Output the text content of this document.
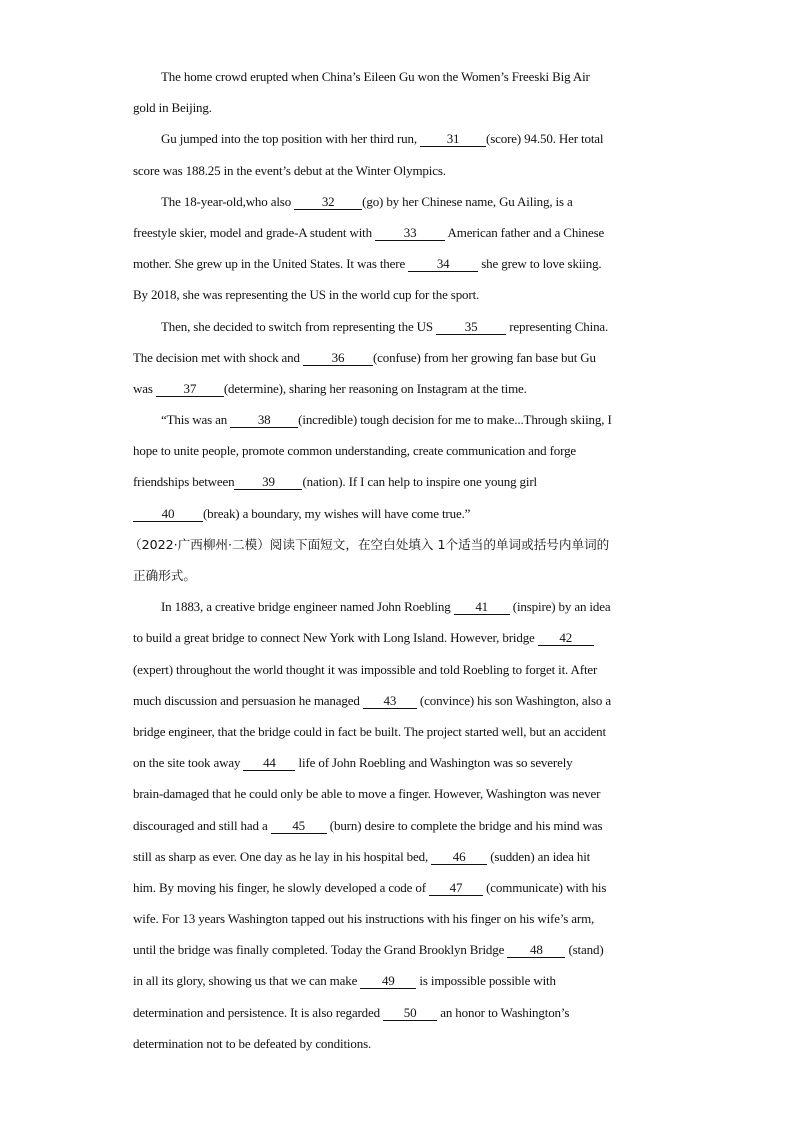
The home crowd erupted when China’s Eileen Gu won the Women’s Freeski Big Air
gold in Beijing.
Gu jumped into the top position with her third run, 31 (score) 94.50. Her total
score was 188.25 in the event’s debut at the Winter Olympics.
The 18-year-old,who also 32 (go) by her Chinese name, Gu Ailing, is a
freestyle skier, model and grade-A student with 33 American father and a Chinese
mother. She grew up in the United States. It was there 34 she grew to love skiing.
By 2018, she was representing the US in the world cup for the sport.
Then, she decided to switch from representing the US 35 representing China.
The decision met with shock and 36 (confuse) from her growing fan base but Gu
was 37 (determine), sharing her reasoning on Instagram at the time.
“This was an 38 (incredible) tough decision for me to make...Through skiing, I
hope to unite people, promote common understanding, create communication and forge
friendships between 39 (nation). If I can help to inspire one young girl
40 (break) a boundary, my wishes will have come true.”
（2022·广西柳州·二模）阅读下面短文，在空白处填入 1个适当的单词或括号内单词的
正确形式。
In 1883, a creative bridge engineer named John Roebling 41 (inspire) by an idea
to build a great bridge to connect New York with Long Island. However, bridge 42
(expert) throughout the world thought it was impossible and told Roebling to forget it. After
much discussion and persuasion he managed 43 (convince) his son Washington, also a
bridge engineer, that the bridge could in fact be built. The project started well, but an accident
on the site took away 44 life of John Roebling and Washington was so severely
brain-damaged that he could only be able to move a finger. However, Washington was never
discouraged and still had a 45 (burn) desire to complete the bridge and his mind was
still as sharp as ever. One day as he lay in his hospital bed, 46 (sudden) an idea hit
him. By moving his finger, he slowly developed a code of 47 (communicate) with his
wife. For 13 years Washington tapped out his instructions with his finger on his wife’s arm,
until the bridge was finally completed. Today the Grand Brooklyn Bridge 48 (stand)
in all its glory, showing us that we can make 49 is impossible possible with
determination and persistence. It is also regarded 50 an honor to Washington’s
determination not to be defeated by conditions.
